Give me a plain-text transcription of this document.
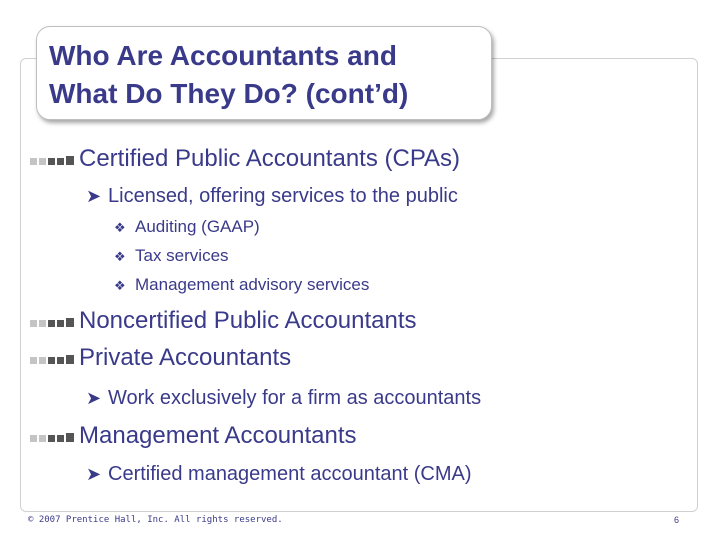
Who Are Accountants and
What Do They Do? (cont’d)
Certified Public Accountants (CPAs)
➤ Licensed, offering services to the public
❖ Auditing (GAAP)
❖ Tax services
❖ Management advisory services
Noncertified Public Accountants
Private Accountants
➤ Work exclusively for a firm as accountants
Management Accountants
➤ Certified management accountant (CMA)
© 2007 Prentice Hall, Inc. All rights reserved.	6
